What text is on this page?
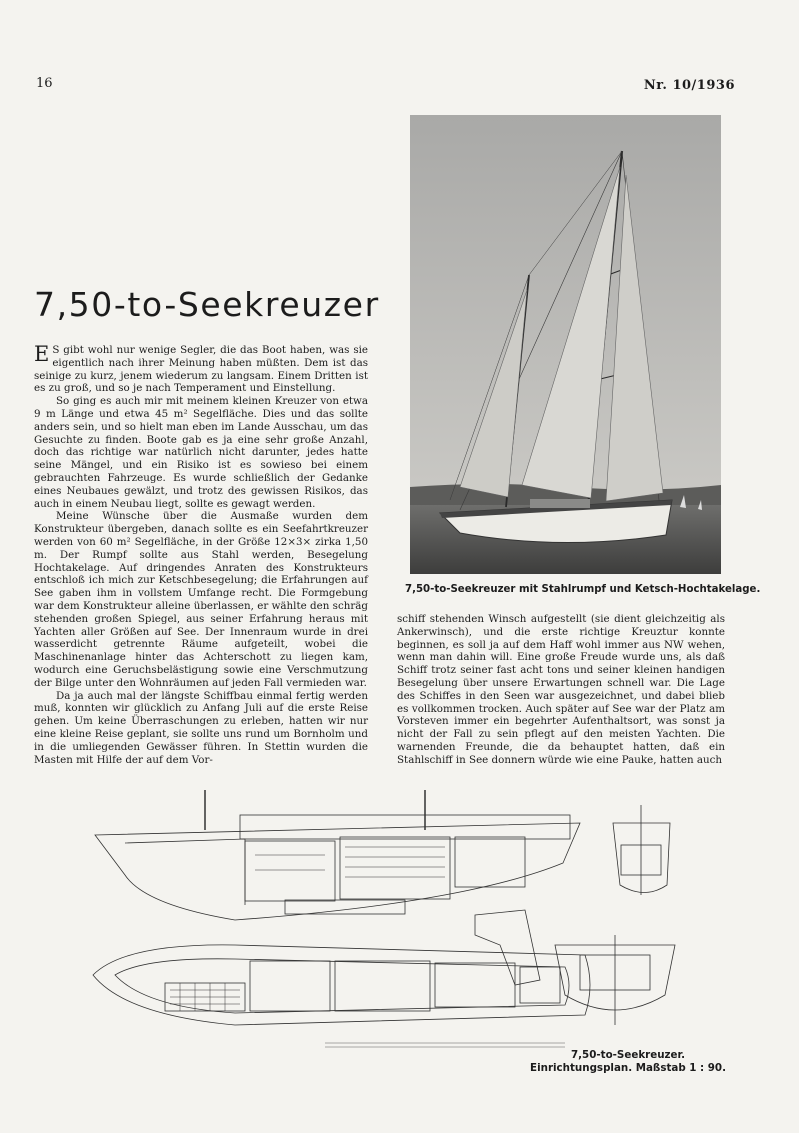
16	Nr. 10/1936
7,50-to-Seekreuzer mit Stahlrumpf und Ketsch-Hochtakelage.
7,50-to-Seekreuzer

E S gibt wohl nur wenige Segler, die das Boot haben, was sie eigentlich nach ihrer Meinung haben müßten. Dem ist das seinige zu kurz, jenem wiederum zu langsam. Einem Dritten ist es zu groß, und so je nach Temperament und Einstellung.

So ging es auch mir mit meinem kleinen Kreuzer von etwa 9 m Länge und etwa 45 m² Segelfläche. Dies und das sollte anders sein, und so hielt man eben im Lande Ausschau, um das Gesuchte zu finden. Boote gab es ja eine sehr große Anzahl, doch das richtige war natürlich nicht darunter, jedes hatte seine Mängel, und ein Risiko ist es sowieso bei einem gebrauchten Fahrzeuge. Es wurde schließlich der Gedanke eines Neubaues gewälzt, und trotz des gewissen Risikos, das auch in einem Neubau liegt, sollte es gewagt werden.

Meine Wünsche über die Ausmaße wurden dem Konstrukteur übergeben, danach sollte es ein Seefahrtkreuzer werden von 60 m² Segelfläche, in der Größe 12×3× zirka 1,50 m. Der Rumpf sollte aus Stahl werden, Besegelung Hochtakelage. Auf dringendes Anraten des Konstrukteurs entschloß ich mich zur Ketschbesegelung; die Erfahrungen auf See gaben ihm in vollstem Umfange recht. Die Formgebung war dem Konstrukteur alleine überlassen, er wählte den schräg stehenden großen Spiegel, aus seiner Erfahrung heraus mit Yachten aller Größen auf See. Der Innenraum wurde in drei wasserdicht getrennte Räume aufgeteilt, wobei die Maschinenanlage hinter das Achterschott zu liegen kam, wodurch eine Geruchsbelästigung sowie eine Verschmutzung der Bilge unter den Wohnräumen auf jeden Fall vermieden war.

Da ja auch mal der längste Schiffbau einmal fertig werden muß, konnten wir glücklich zu Anfang Juli auf die erste Reise gehen. Um keine Überraschungen zu erleben, hatten wir nur eine kleine Reise geplant, sie sollte uns rund um Bornholm und in die umliegenden Gewässer führen. In Stettin wurden die Masten mit Hilfe der auf dem Vor-

schiff stehenden Winsch aufgestellt (sie dient gleichzeitig als Ankerwinsch), und die erste richtige Kreuztur konnte beginnen, es soll ja auf dem Haff wohl immer aus NW wehen, wenn man dahin will. Eine große Freude wurde uns, als daß Schiff trotz seiner fast acht tons und seiner kleinen handigen Besegelung über unsere Erwartungen schnell war. Die Lage des Schiffes in den Seen war ausgezeichnet, und dabei blieb es vollkommen trocken. Auch später auf See war der Platz am Vorsteven immer ein begehrter Aufenthaltsort, was sonst ja nicht der Fall zu sein pflegt auf den meisten Yachten. Die warnenden Freunde, die da behauptet hatten, daß ein Stahlschiff in See donnern würde wie eine Pauke, hatten auch

7,50-to-Seekreuzer.
Einrichtungsplan. Maßstab 1 : 90.
